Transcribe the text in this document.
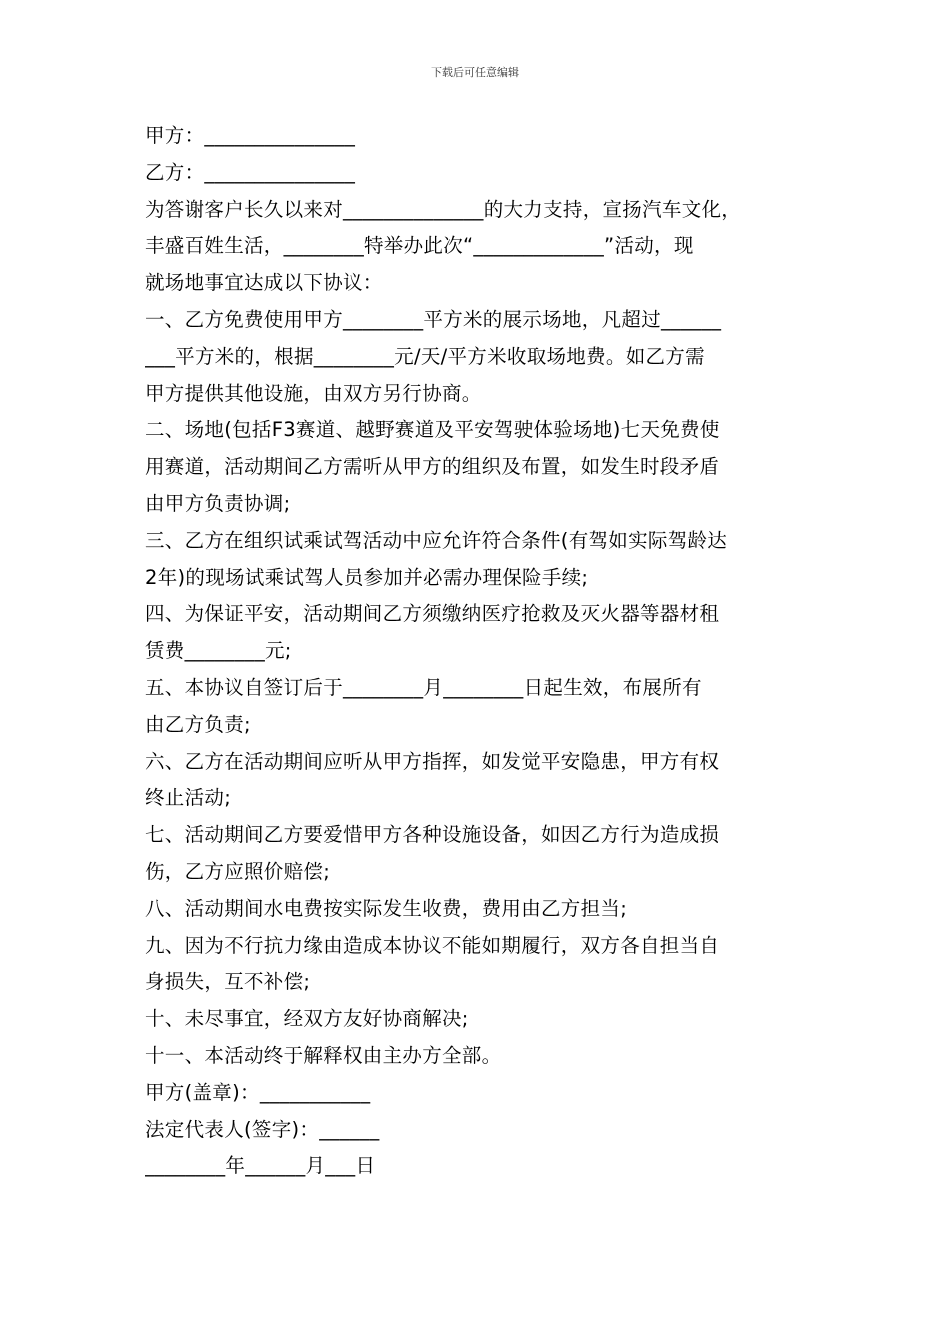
下载后可任意编辑
甲方：_______________
乙方：_______________
为答谢客户长久以来对______________的大力支持，宣扬汽车文化，
丰盛百姓生活，________特举办此次“_____________”活动，现
就场地事宜达成以下协议：
一、乙方免费使用甲方________平方米的展示场地，凡超过______
___平方米的，根据________元/天/平方米收取场地费。如乙方需
甲方提供其他设施，由双方另行协商。
二、场地(包括F3赛道、越野赛道及平安驾驶体验场地)七天免费使
用赛道，活动期间乙方需听从甲方的组织及布置，如发生时段矛盾
由甲方负责协调;
三、乙方在组织试乘试驾活动中应允许符合条件(有驾如实际驾龄达
2年)的现场试乘试驾人员参加并必需办理保险手续;
四、为保证平安，活动期间乙方须缴纳医疗抢救及灭火器等器材租
赁费________元;
五、本协议自签订后于________月________日起生效，布展所有
由乙方负责;
六、乙方在活动期间应听从甲方指挥，如发觉平安隐患，甲方有权
终止活动;
七、活动期间乙方要爱惜甲方各种设施设备，如因乙方行为造成损
伤，乙方应照价赔偿;
八、活动期间水电费按实际发生收费，费用由乙方担当;
九、因为不行抗力缘由造成本协议不能如期履行，双方各自担当自
身损失，互不补偿;
十、未尽事宜，经双方友好协商解决;
十一、本活动终于解释权由主办方全部。
甲方(盖章)：___________
法定代表人(签字)：______
________年______月___日
